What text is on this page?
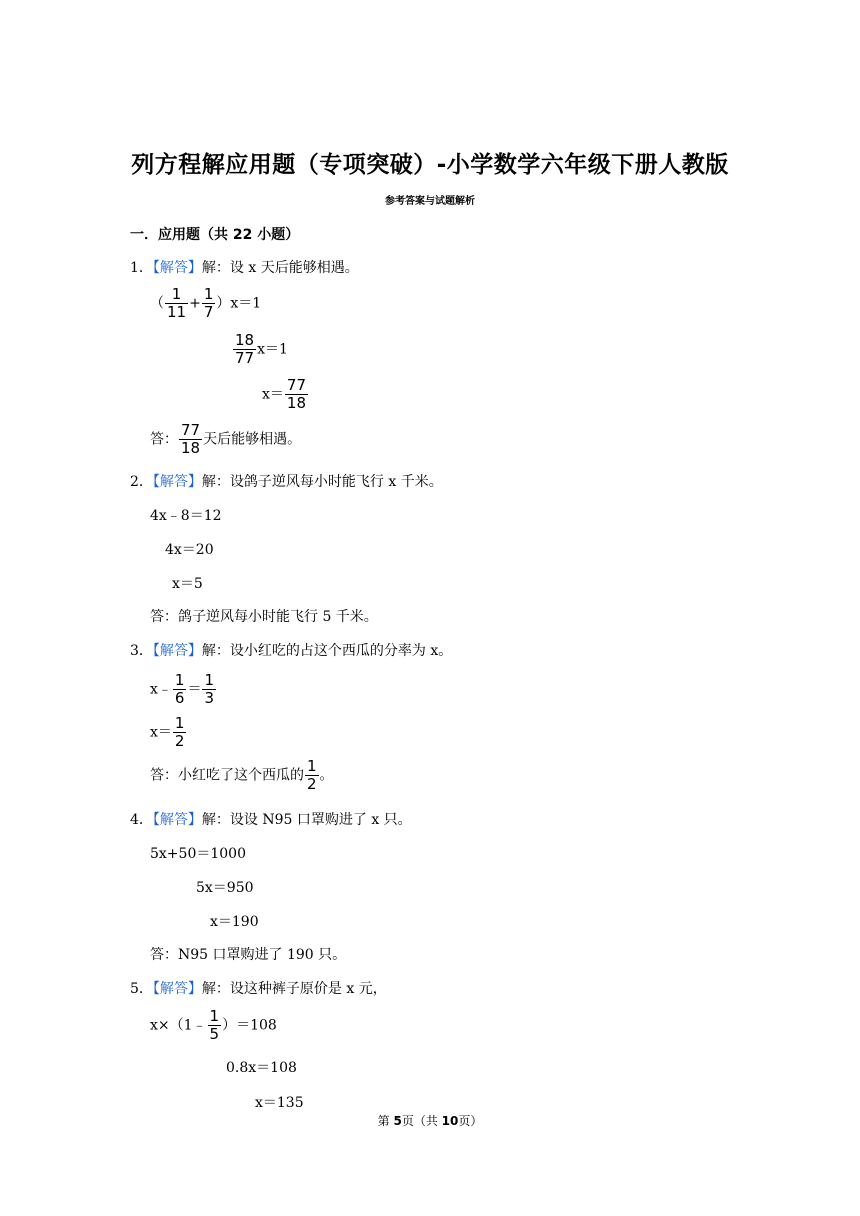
列方程解应用题（专项突破）-小学数学六年级下册人教版
参考答案与试题解析
一．应用题（共 22 小题）
1．【解答】解：设 x 天后能够相遇。
（ $\frac{1}{11} + \frac{1}{7} )x=1$
$\frac{18}{77} x=1$
$x= \frac{77}{18}$
答： $\frac{77}{18}$ 天后能够相遇。
2．【解答】解：设鸽子逆风每小时能飞行 x 千米。
4x﹣8＝12
4x＝20
x＝5
答：鸽子逆风每小时能飞行 5 千米。
3．【解答】解：设小红吃的占这个西瓜的分率为 x。
x﹣ $\frac{1}{6} = \frac{1}{3}$
$x= \frac{1}{2}$
答：小红吃了这个西瓜的 $\frac{1}{2}$ 。
4．【解答】解：设设 N95 口罩购进了 x 只。
5x+50＝1000
5x＝950
x＝190
答：N95 口罩购进了 190 只。
5．【解答】解：设这种裤子原价是 x 元，
x×（1﹣ $\frac{1}{5} )=108$
0.8x＝108
x＝135
第 5页（共 10页）
